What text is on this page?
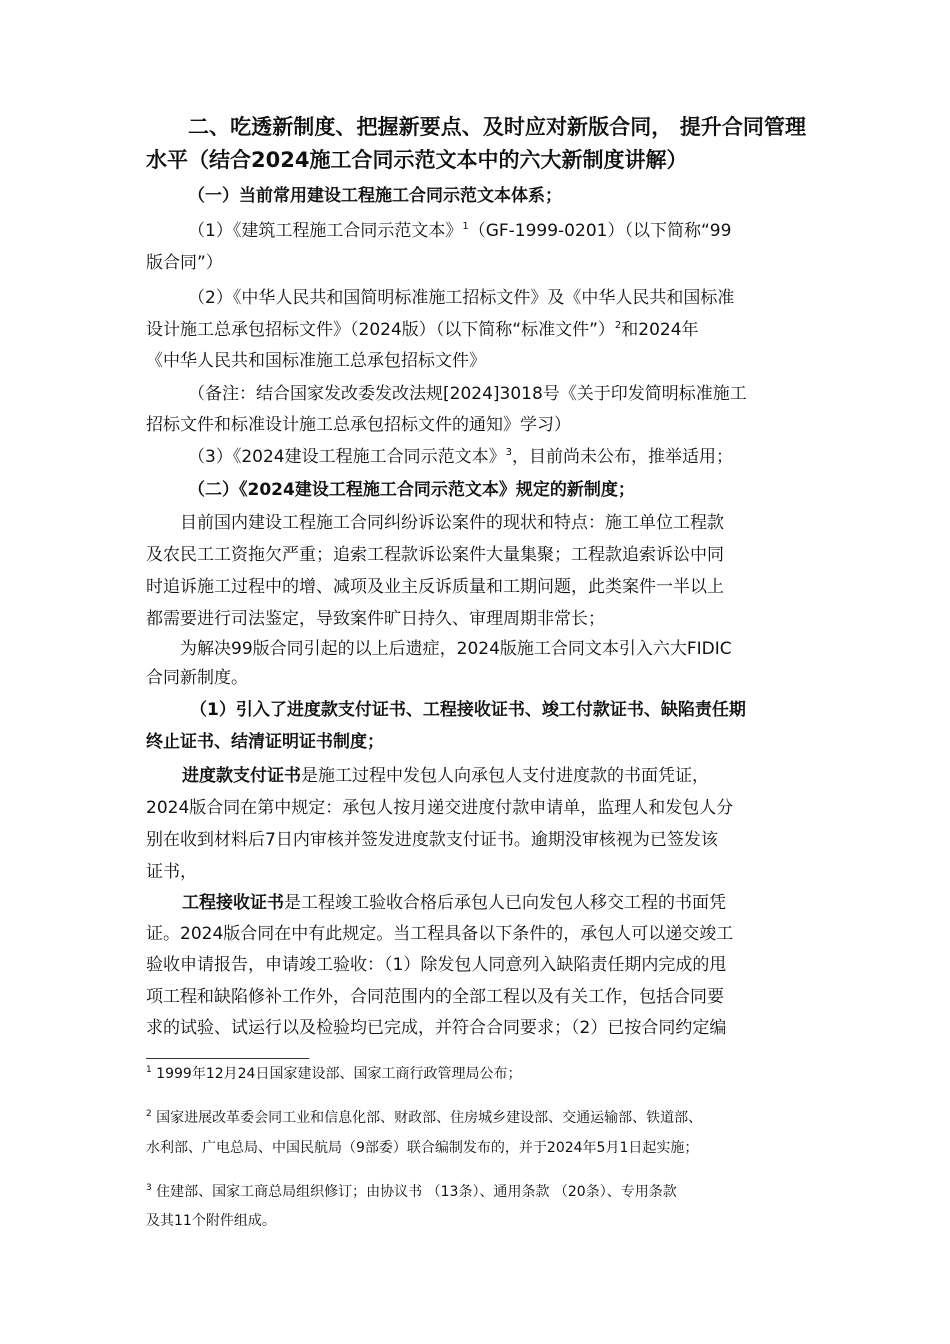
二、吃透新制度、把握新要点、及时应对新版合同， 提升合同管理水平（结合2024施工合同示范文本中的六大新制度讲解）
（一）当前常用建设工程施工合同示范文本体系；
（1）《建筑工程施工合同示范文本》$^1$（GF-1999-0201）（以下简称“99
版合同”）
（2）《中华人民共和国简明标准施工招标文件》及《中华人民共和国标准
设计施工总承包招标文件》（2024版）（以下简称“标准文件”）$^2$和2024年
《中华人民共和国标准施工总承包招标文件》
（备注：结合国家发改委发改法规[2024]3018号《关于印发简明标准施工
招标文件和标准设计施工总承包招标文件的通知》学习）
（3）《2024建设工程施工合同示范文本》$^3$，目前尚未公布，推举适用；
（二）《2024建设工程施工合同示范文本》规定的新制度；
目前国内建设工程施工合同纠纷诉讼案件的现状和特点：施工单位工程款
及农民工工资拖欠严重；追索工程款诉讼案件大量集聚；工程款追索诉讼中同
时追诉施工过程中的增、减项及业主反诉质量和工期问题，此类案件一半以上
都需要进行司法鉴定，导致案件旷日持久、审理周期非常长；
为解决99版合同引起的以上后遗症，2024版施工合同文本引入六大FIDIC
合同新制度。
（1）引入了进度款支付证书、工程接收证书、竣工付款证书、缺陷责任期
终止证书、结清证明证书制度；
进度款支付证书是施工过程中发包人向承包人支付进度款的书面凭证，
2024版合同在第中规定：承包人按月递交进度付款申请单，监理人和发包人分
别在收到材料后7日内审核并签发进度款支付证书。逾期没审核视为已签发该
证书，
工程接收证书是工程竣工验收合格后承包人已向发包人移交工程的书面凭
证。2024版合同在中有此规定。当工程具备以下条件的，承包人可以递交竣工
验收申请报告，申请竣工验收：（1）除发包人同意列入缺陷责任期内完成的甩
项工程和缺陷修补工作外，合同范围内的全部工程以及有关工作，包括合同要
求的试验、试运行以及检验均已完成，并符合合同要求；（2）已按合同约定编
$^1$ 1999年12月24日国家建设部、国家工商行政管理局公布；
$^2$ 国家进展改革委会同工业和信息化部、财政部、住房城乡建设部、交通运输部、铁道部、
水利部、广电总局、中国民航局（9部委）联合编制发布的，并于2024年5月1日起实施；
$^3$ 住建部、国家工商总局组织修订；由协议书 （13条）、通用条款 （20条）、专用条款
及其11个附件组成。
